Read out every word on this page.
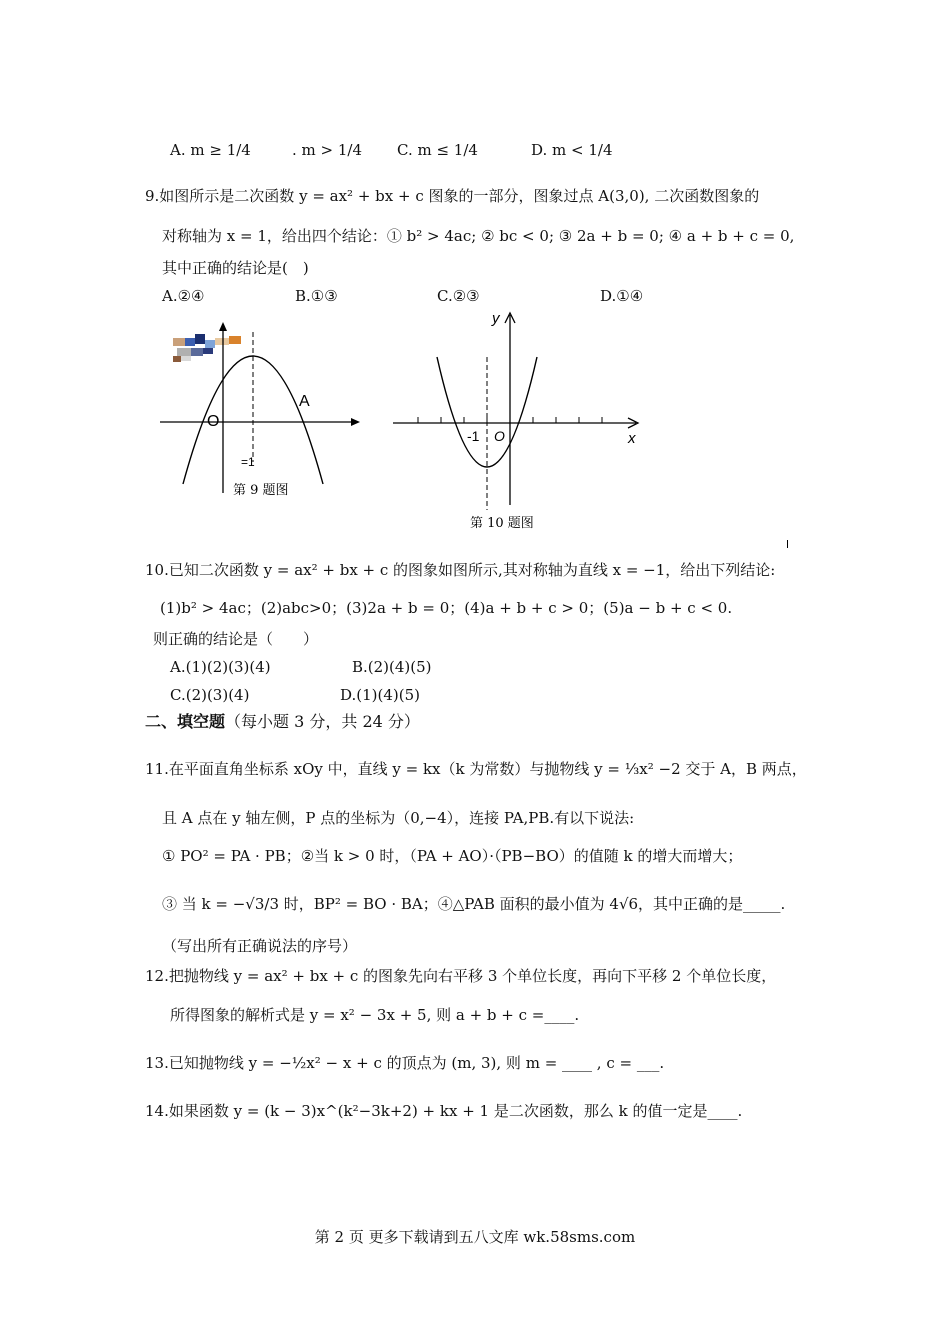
A. m ≥ 1/4	. m > 1/4 C. m ≤ 1/4	D. m < 1/4
9.如图所示是二次函数 y = ax² + bx + c 图象的一部分，图象过点 A(3,0), 二次函数图象的
对称轴为 x = 1，给出四个结论：① b² > 4ac; ② bc < 0; ③ 2a + b = 0; ④ a + b + c = 0,
其中正确的结论是(　)
A.②④	B.①③	C.②③	D.①④
O
A
=1
第 9 题图
y
x
-1 O
第 10 题图
10.已知二次函数 y = ax² + bx + c 的图象如图所示,其对称轴为直线 x = −1，给出下列结论:
(1)b² > 4ac；(2)abc>0；(3)2a + b = 0；(4)a + b + c > 0；(5)a − b + c < 0.
则正确的结论是（　　）
A.(1)(2)(3)(4)	B.(2)(4)(5)
C.(2)(3)(4)	D.(1)(4)(5)
二、填空题（每小题 3 分，共 24 分）
11.在平面直角坐标系 xOy 中，直线 y = kx（k 为常数）与抛物线 y = ⅓x² −2 交于 A，B 两点，
且 A 点在 y 轴左侧，P 点的坐标为（0,−4），连接 PA,PB.有以下说法:
① PO² = PA · PB；②当 k > 0 时，（PA + AO）·（PB−BO）的值随 k 的增大而增大；
③ 当 k = −√3/3 时，BP² = BO · BA；④△PAB 面积的最小值为 4√6，其中正确的是_____.
（写出所有正确说法的序号）
12.把抛物线 y = ax² + bx + c 的图象先向右平移 3 个单位长度，再向下平移 2 个单位长度，
所得图象的解析式是 y = x² − 3x + 5, 则 a + b + c =____.
13.已知抛物线 y = −½x² − x + c 的顶点为 (m, 3), 则 m = ____ , c = ___.
14.如果函数 y = (k − 3)x^(k²−3k+2) + kx + 1 是二次函数，那么 k 的值一定是____.
第 2 页 更多下载请到五八文库 wk.58sms.com
